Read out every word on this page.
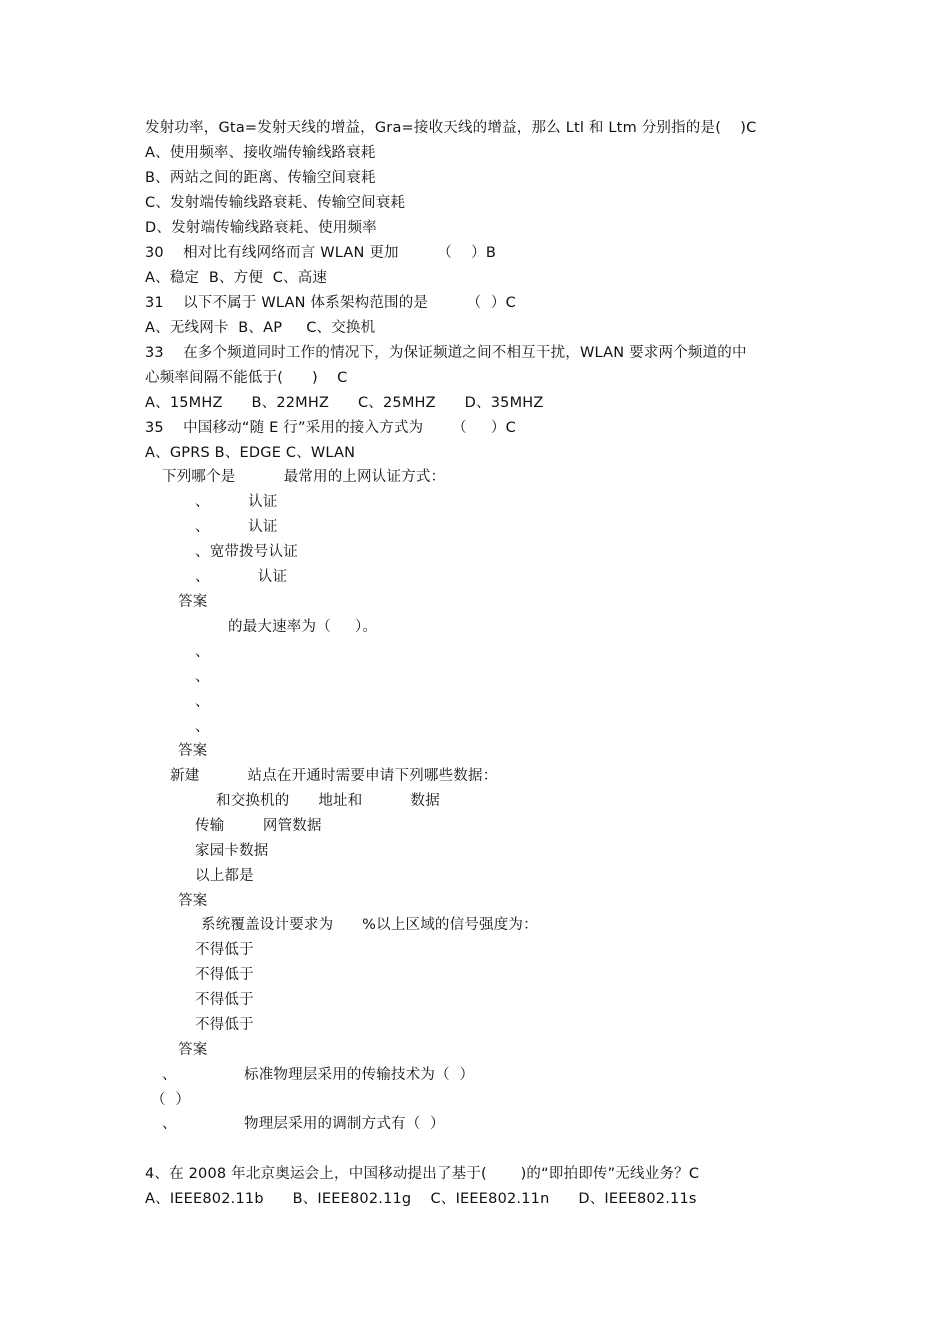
发射功率，Gta=发射天线的增益，Gra=接收天线的增益，那么 Ltl 和 Ltm 分别指的是(    )C
A、使用频率、接收端传输线路衰耗
B、两站之间的距离、传输空间衰耗
C、发射端传输线路衰耗、传输空间衰耗
D、发射端传输线路衰耗、使用频率
30    相对比有线网络而言 WLAN 更加        （    ）B
A、稳定  B、方便  C、高速
31    以下不属于 WLAN 体系架构范围的是        （  ）C
A、无线网卡  B、AP     C、交换机
33    在多个频道同时工作的情况下，为保证频道之间不相互干扰，WLAN 要求两个频道的中
心频率间隔不能低于(      )    C
A、15MHZ      B、22MHZ      C、25MHZ      D、35MHZ
35    中国移动“随 E 行”采用的接入方式为      （     ）C
A、GPRS B、EDGE C、WLAN
下列哪个是          最常用的上网认证方式：
、        认证
、        认证
、宽带拨号认证
、          认证
答案
的最大速率为（     ）。
、
、
、
、
答案
新建          站点在开通时需要申请下列哪些数据：
和交换机的      地址和          数据
传输        网管数据
家园卡数据
以上都是
答案
系统覆盖设计要求为      %以上区域的信号强度为：
不得低于
不得低于
不得低于
不得低于
答案
、              标准物理层采用的传输技术为（  ）
（  ）
、              物理层采用的调制方式有（  ）
4、在 2008 年北京奥运会上，中国移动提出了基于(       )的“即拍即传”无线业务？C
A、IEEE802.11b      B、IEEE802.11g    C、IEEE802.11n      D、IEEE802.11s
